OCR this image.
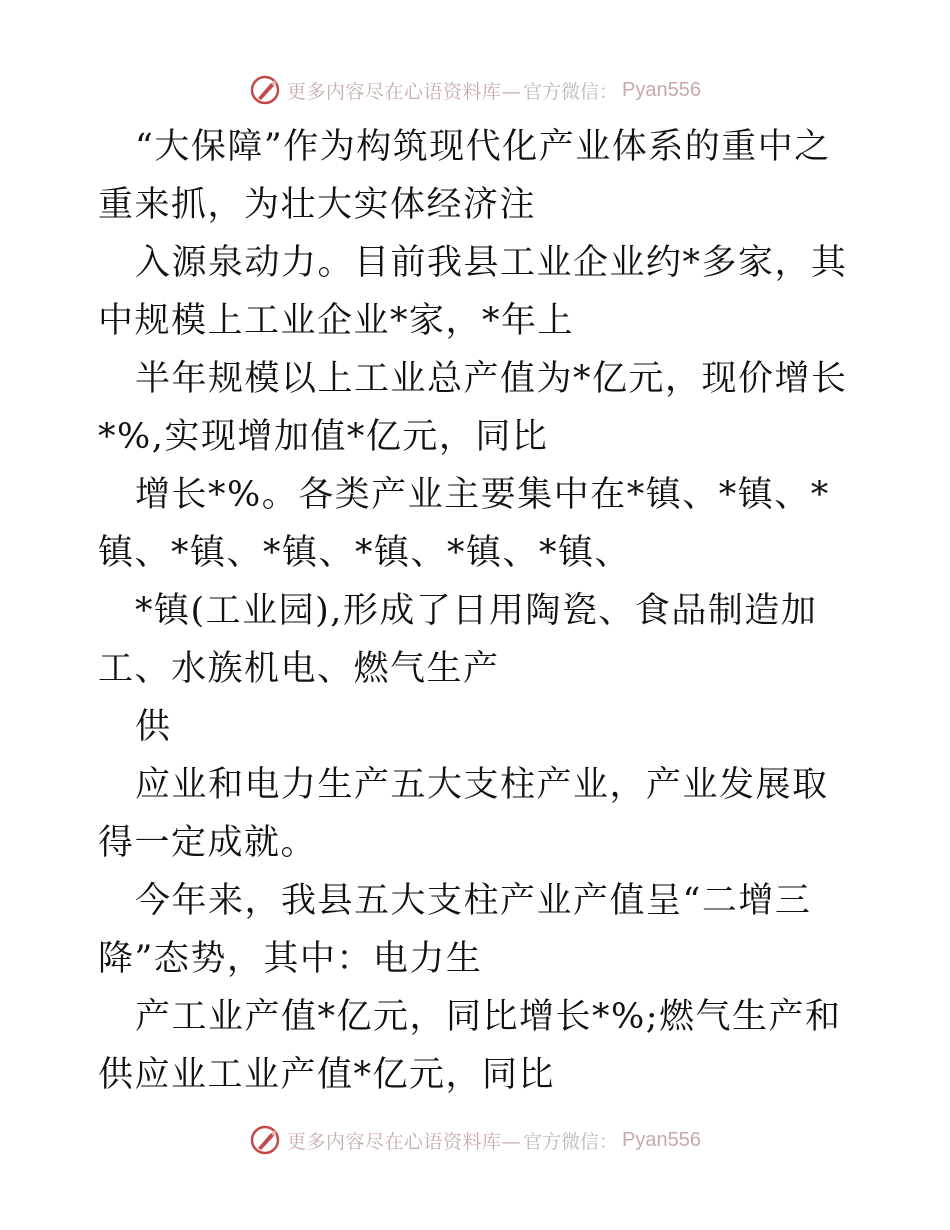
更多内容尽在心语资料库— 官方微信： Pyan556

“大保障”作为构筑现代化产业体系的重中之重来抓，为壮大实体经济注

入源泉动力。目前我县工业企业约*多家，其中规模上工业企业*家，*年上

半年规模以上工业总产值为*亿元，现价增长*%,实现增加值*亿元，同比

增长*%。各类产业主要集中在*镇、*镇、*镇、*镇、*镇、*镇、*镇、*镇、

*镇(工业园),形成了日用陶瓷、食品制造加工、水族机电、燃气生产

供

应业和电力生产五大支柱产业，产业发展取得一定成就。

今年来，我县五大支柱产业产值呈“二增三降”态势，其中：电力生

产工业产值*亿元，同比增长*%;燃气生产和供应业工业产值*亿元，同比

更多内容尽在心语资料库— 官方微信： Pyan556
